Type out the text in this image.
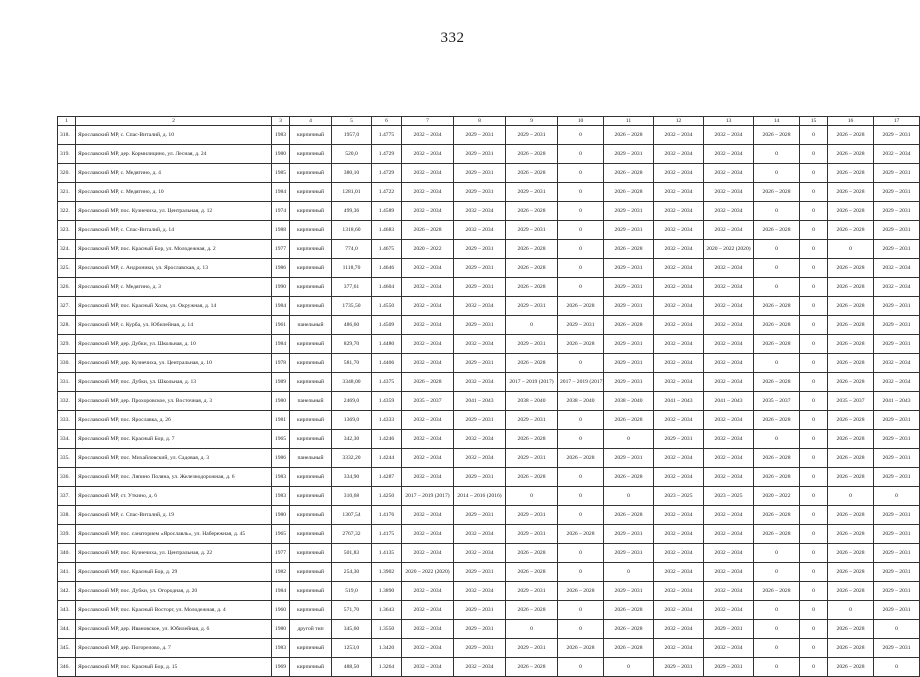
332
1	2	3	4	5	6	7	8	9	10	11	12	13	14	15	16	17
318.	Ярославский МР, с. Спас-Виталий, д. 10	1983	кирпичный	1957,0	1.4775	2032 – 2034	2029 – 2031	2029 – 2031	0	2026 – 2028	2032 – 2034	2032 – 2034	2026 – 2028	0	2026 – 2028	2029 – 2031
319.	Ярославский МР, дер. Кормилицино, ул. Лесная, д. 24	1980	кирпичный	520,0	1.4729	2032 – 2034	2029 – 2031	2026 – 2028	0	2029 – 2031	2032 – 2034	2032 – 2034	0	0	2026 – 2028	2032 – 2034
320.	Ярославский МР, с. Медягино, д. 4	1985	кирпичный	380,10	1.4729	2032 – 2034	2029 – 2031	2026 – 2028	0	2026 – 2028	2032 – 2034	2032 – 2034	0	0	2026 – 2028	2029 – 2031
321.	Ярославский МР, с. Медягино, д. 10	1984	кирпичный	1281,01	1.4722	2032 – 2034	2029 – 2031	2029 – 2031	0	2026 – 2028	2032 – 2034	2032 – 2034	2026 – 2028	0	2026 – 2028	2029 – 2031
322.	Ярославский МР, пос. Кузнечиха, ул. Центральная, д. 12	1974	кирпичный	499,36	1.4589	2032 – 2034	2032 – 2034	2026 – 2028	0	2029 – 2031	2032 – 2034	2032 – 2034	0	0	2026 – 2028	2029 – 2031
323.	Ярославский МР, с. Спас-Виталий, д. 14	1988	кирпичный	1318,60	1.4683	2026 – 2028	2032 – 2034	2029 – 2031	0	2029 – 2031	2032 – 2034	2032 – 2034	2026 – 2028	0	2026 – 2028	2029 – 2031
324.	Ярославский МР, пос. Красный Бор, ул. Молодежная, д. 2	1977	кирпичный	774,0	1.4675	2020 – 2022	2029 – 2031	2026 – 2028	0	2026 – 2028	2032 – 2034	2020 – 2022 (2020)	0	0	0	2029 – 2031
325.	Ярославский МР, с. Андроники, ул. Ярославская, д. 13	1986	кирпичный	1118,70	1.4646	2032 – 2034	2029 – 2031	2026 – 2028	0	2029 – 2031	2032 – 2034	2032 – 2034	0	0	2026 – 2028	2032 – 2034
326.	Ярославский МР, с. Медягино, д. 3	1990	кирпичный	377,61	1.4604	2032 – 2034	2029 – 2031	2026 – 2028	0	2029 – 2031	2032 – 2034	2032 – 2034	0	0	2026 – 2028	2032 – 2034
327.	Ярославский МР, пос. Красный Холм, ул. Окружная, д. 14	1984	кирпичный	1735,50	1.4550	2032 – 2034	2032 – 2034	2029 – 2031	2026 – 2028	2029 – 2031	2032 – 2034	2032 – 2034	2026 – 2028	0	2026 – 2028	2029 – 2031
328.	Ярославский МР, с. Курба, ул. Юбилейная, д. 14	1961	панельный	486,60	1.4509	2032 – 2034	2029 – 2031	0	2029 – 2031	2026 – 2028	2032 – 2034	2032 – 2034	2026 – 2028	0	2026 – 2028	2029 – 2031
329.	Ярославский МР, дер. Дубки, ул. Школьная, д. 10	1984	кирпичный	829,70	1.4480	2032 – 2034	2032 – 2034	2029 – 2031	2026 – 2028	2029 – 2031	2032 – 2034	2032 – 2034	2026 – 2028	0	2026 – 2028	2029 – 2031
330.	Ярославский МР, дер. Кузнечиха, ул. Центральная, д. 10	1978	кирпичный	581,70	1.4406	2032 – 2034	2029 – 2031	2026 – 2028	0	2029 – 2031	2032 – 2034	2032 – 2034	0	0	2026 – 2028	2032 – 2034
331.	Ярославский МР, пос. Дубки, ул. Школьная, д. 13	1989	кирпичный	3348,00	1.4375	2026 – 2028	2032 – 2034	2017 – 2019 (2017)	2017 – 2019 (2017)	2029 – 2031	2032 – 2034	2032 – 2034	2026 – 2028	0	2026 – 2028	2032 – 2034
332.	Ярославский МР, дер. Прохоровское, ул. Восточная, д. 3	1980	панельный	2469,0	1.4359	2035 – 2037	2041 – 2043	2038 – 2040	2038 – 2040	2038 – 2040	2041 – 2043	2041 – 2043	2035 – 2037	0	2035 – 2037	2041 – 2043
333.	Ярославский МР, пос. Ярославка, д. 26	1981	кирпичный	1369,0	1.4333	2032 – 2034	2029 – 2031	2029 – 2031	0	2026 – 2028	2032 – 2034	2032 – 2034	2026 – 2028	0	2026 – 2028	2029 – 2031
334.	Ярославский МР, пос. Красный Бор, д. 7	1965	кирпичный	342,30	1.4246	2032 – 2034	2032 – 2034	2026 – 2028	0	0	2029 – 2031	2032 – 2034	0	0	2026 – 2028	2029 – 2031
335.	Ярославский МР, пос. Михайловский, ул. Садовая, д. 3	1986	панельный	3332,20	1.4244	2032 – 2034	2032 – 2034	2029 – 2031	2026 – 2028	2029 – 2031	2032 – 2034	2032 – 2034	2026 – 2028	0	2026 – 2028	2029 – 2031
336.	Ярославский МР, пос. Ляпино Поляна, ул. Железнодорожная, д. 6	1983	кирпичный	334,90	1.4287	2032 – 2034	2029 – 2031	2026 – 2028	0	2026 – 2028	2032 – 2034	2032 – 2034	2026 – 2028	0	2026 – 2028	2029 – 2031
337.	Ярославский МР, ст. Уткино, д. 6	1983	кирпичный	310,68	1.4250	2017 – 2019 (2017)	2014 – 2016 (2016)	0	0	0	2023 – 2025	2023 – 2025	2020 – 2022	0	0	0
338.	Ярославский МР, с. Спас-Виталий, д. 19	1980	кирпичный	1307,54	1.4176	2032 – 2034	2029 – 2031	2029 – 2031	0	2026 – 2028	2032 – 2034	2032 – 2034	2026 – 2028	0	2026 – 2028	2029 – 2031
339.	Ярославский МР, пос. санаторием «Ярославль», ул. Набережная, д. 45	1965	кирпичный	2767,32	1.4175	2032 – 2034	2032 – 2034	2029 – 2031	2026 – 2028	2029 – 2031	2032 – 2034	2032 – 2034	2026 – 2028	0	2026 – 2028	2029 – 2031
340.	Ярославский МР, пос. Кузнечиха, ул. Центральная, д. 22	1977	кирпичный	501,83	1.4135	2032 – 2034	2032 – 2034	2026 – 2028	0	2029 – 2031	2032 – 2034	2032 – 2034	0	0	2026 – 2028	2029 – 2031
341.	Ярославский МР, пос. Красный Бор, д. 29	1982	кирпичный	254,30	1.3902	2020 – 2022 (2020)	2029 – 2031	2026 – 2028	0	0	2032 – 2034	2032 – 2034	0	0	2026 – 2028	2029 – 2031
342.	Ярославский МР, пос. Дубки, ул. Огородная, д. 20	1984	кирпичный	519,0	1.3890	2032 – 2034	2032 – 2034	2029 – 2031	2026 – 2028	2029 – 2031	2032 – 2034	2032 – 2034	2026 – 2028	0	2026 – 2028	2029 – 2031
343.	Ярославский МР, пос. Красный Восторг, ул. Молодежная, д. 4	1960	кирпичный	571,70	1.3643	2032 – 2034	2029 – 2031	2026 – 2028	0	2026 – 2028	2032 – 2034	2032 – 2034	0	0	0	2029 – 2031
344.	Ярославский МР, дер. Ивановское, ул. Юбилейная, д. 6	1980	другой тип	345,60	1.3550	2032 – 2034	2029 – 2031	0	0	2026 – 2028	2032 – 2034	2029 – 2031	0	0	2026 – 2028	0
345.	Ярославский МР, дер. Погорелово, д. 7	1983	кирпичный	1253,0	1.3420	2032 – 2034	2029 – 2031	2029 – 2031	2026 – 2028	2026 – 2028	2032 – 2034	2032 – 2034	0	0	2026 – 2028	2029 – 2031
346.	Ярославский МР, пос. Красный Бор, д. 15	1969	кирпичный	488,50	1.3264	2032 – 2034	2032 – 2034	2026 – 2028	0	0	2029 – 2031	2029 – 2031	0	0	2026 – 2028	0
